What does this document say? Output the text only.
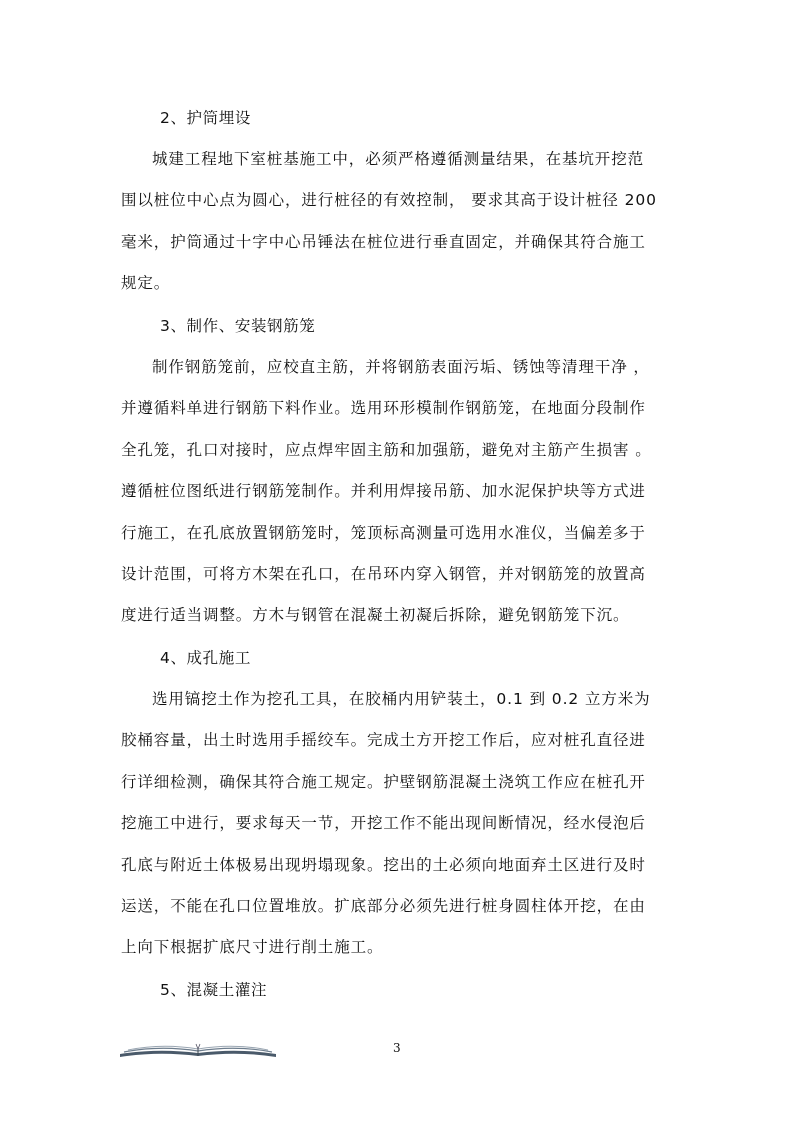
2、护筒埋设

城建工程地下室桩基施工中，必须严格遵循测量结果，在基坑开挖范
围以桩位中心点为圆心，进行桩径的有效控制， 要求其高于设计桩径 200
毫米，护筒通过十字中心吊锤法在桩位进行垂直固定，并确保其符合施工
规定。

3、制作、安装钢筋笼

制作钢筋笼前，应校直主筋，并将钢筋表面污垢、锈蚀等清理干净 ，
并遵循料单进行钢筋下料作业。选用环形模制作钢筋笼，在地面分段制作
全孔笼，孔口对接时，应点焊牢固主筋和加强筋，避免对主筋产生损害 。
遵循桩位图纸进行钢筋笼制作。并利用焊接吊筋、加水泥保护块等方式进
行施工，在孔底放置钢筋笼时，笼顶标高测量可选用水准仪，当偏差多于
设计范围，可将方木架在孔口，在吊环内穿入钢管，并对钢筋笼的放置高
度进行适当调整。方木与钢管在混凝土初凝后拆除，避免钢筋笼下沉。

4、成孔施工

选用镐挖土作为挖孔工具，在胶桶内用铲装土，0.1 到 0.2 立方米为
胶桶容量，出土时选用手摇绞车。完成土方开挖工作后，应对桩孔直径进
行详细检测，确保其符合施工规定。护壁钢筋混凝土浇筑工作应在桩孔开
挖施工中进行，要求每天一节，开挖工作不能出现间断情况，经水侵泡后
孔底与附近土体极易出现坍塌现象。挖出的土必须向地面弃土区进行及时
运送，不能在孔口位置堆放。扩底部分必须先进行桩身圆柱体开挖，在由
上向下根据扩底尺寸进行削土施工。

5、混凝土灌注
3
